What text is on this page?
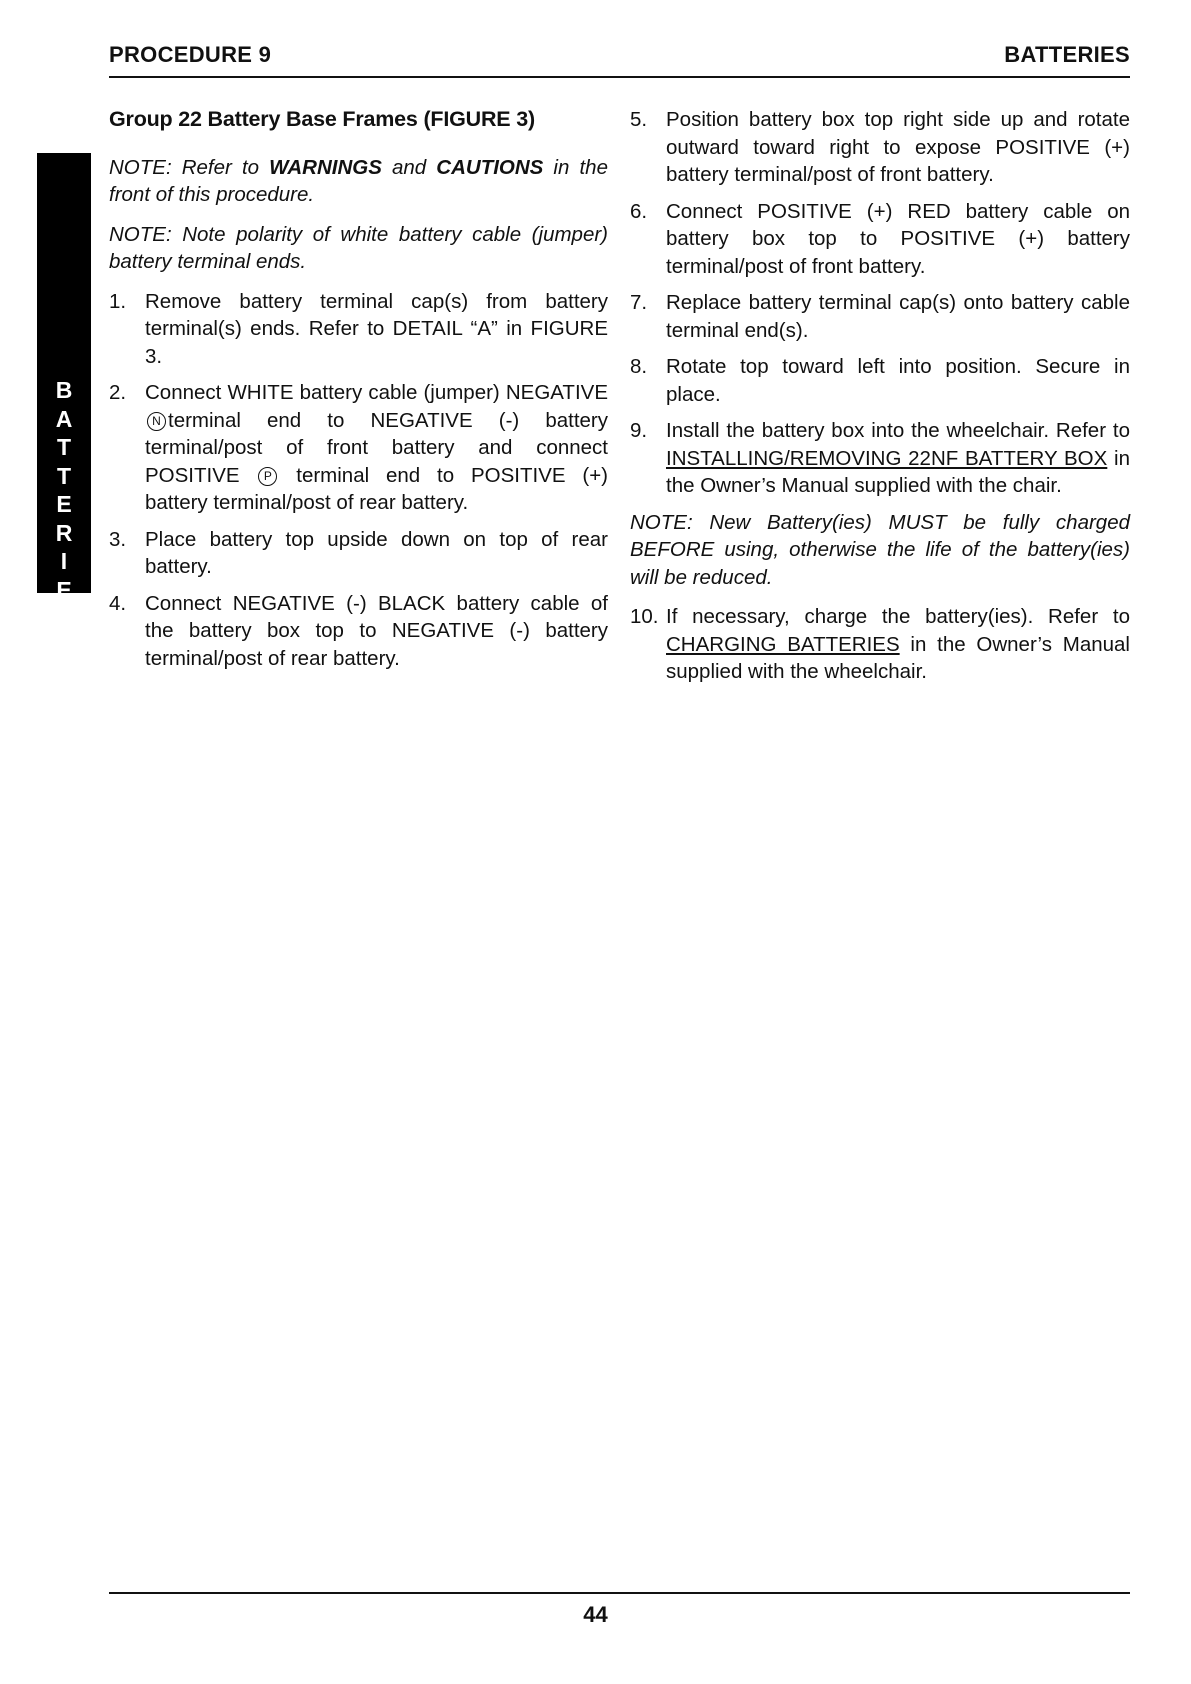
PROCEDURE 9	BATTERIES
B
A
T
T
E
R
I
E
S
Group 22 Battery Base Frames (FIGURE 3)

NOTE: Refer to WARNINGS and CAUTIONS in the front of this procedure.

NOTE: Note polarity of white battery cable (jumper) battery terminal ends.

1. Remove battery terminal cap(s) from battery terminal(s) ends. Refer to DETAIL “A” in FIGURE 3.
2. Connect WHITE battery cable (jumper) NEGATIVE N terminal end to NEGATIVE (-) battery terminal/post of front battery and connect POSITIVE P terminal end to POSITIVE (+) battery terminal/post of rear battery.
3. Place battery top upside down on top of rear battery.
4. Connect NEGATIVE (-) BLACK battery cable of the battery box top to NEGATIVE (-) battery terminal/post of rear battery.
5. Position battery box top right side up and rotate outward toward right to expose POSITIVE (+) battery terminal/post of front battery.
6. Connect POSITIVE (+) RED battery cable on battery box top to POSITIVE (+) battery terminal/post of front battery.
7. Replace battery terminal cap(s) onto battery cable terminal end(s).
8. Rotate top toward left into position. Secure in place.
9. Install the battery box into the wheelchair. Refer to INSTALLING/REMOVING 22NF BATTERY BOX in the Owner’s Manual supplied with the chair.

NOTE: New Battery(ies) MUST be fully charged BEFORE using, otherwise the life of the battery(ies) will be reduced.

10. If necessary, charge the battery(ies). Refer to CHARGING BATTERIES in the Owner’s Manual supplied with the wheelchair.
44
